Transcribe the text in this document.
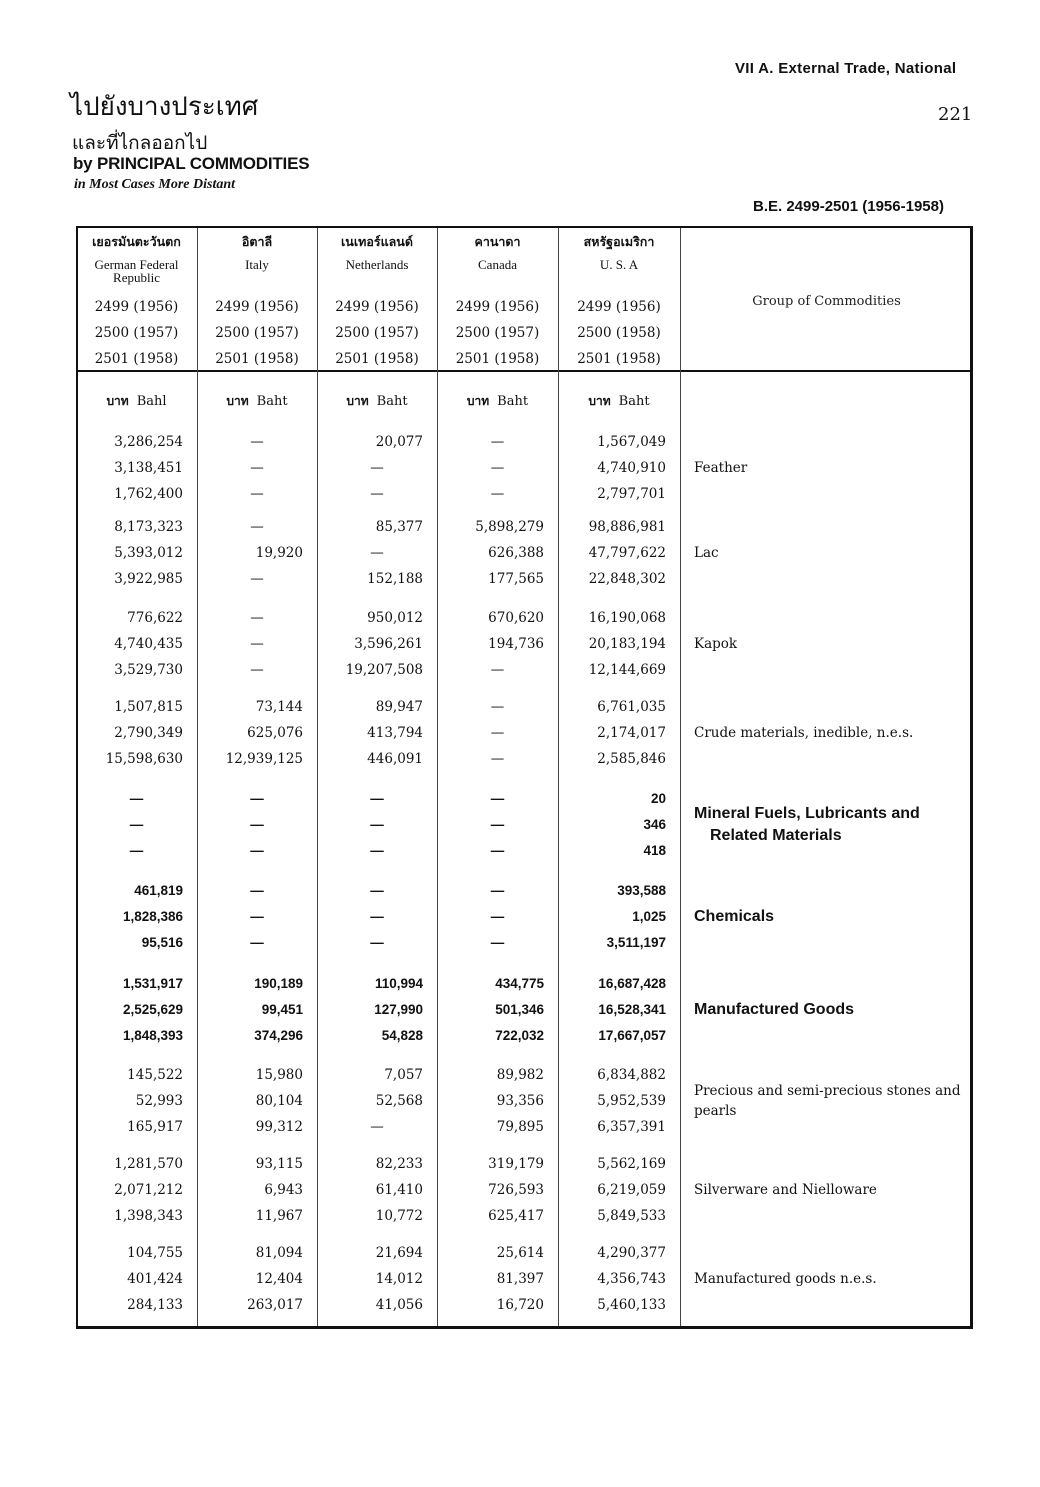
VII A. External Trade, National
221
ไปยังบางประเทศ
และที่ไกลออกไป
by PRINCIPAL COMMODITIES
in Most Cases More Distant
B.E. 2499-2501 (1956-1958)
เยอรมันตะวันตก
German Federal Republic
2499 (1956)
2500 (1957)
2501 (1958)
บาท Bahl
3,286,254
3,138,451
1,762,400
8,173,323
5,393,012
3,922,985
776,622
4,740,435
3,529,730
1,507,815
2,790,349
15,598,630
—
—
—
461,819
1,828,386
95,516
1,531,917
2,525,629
1,848,393
145,522
52,993
165,917
1,281,570
2,071,212
1,398,343
104,755
401,424
284,133
อิตาลี
Italy
2499 (1956)
2500 (1957)
2501 (1958)
บาท Baht
—
—
—
—
19,920
—
—
—
—
73,144
625,076
12,939,125
—
—
—
—
—
—
190,189
99,451
374,296
15,980
80,104
99,312
93,115
6,943
11,967
81,094
12,404
263,017
เนเทอร์แลนด์
Netherlands
2499 (1956)
2500 (1957)
2501 (1958)
บาท Baht
20,077
—
—
85,377
—
152,188
950,012
3,596,261
19,207,508
89,947
413,794
446,091
—
—
—
—
—
—
110,994
127,990
54,828
7,057
52,568
—
82,233
61,410
10,772
21,694
14,012
41,056
คานาดา
Canada
2499 (1956)
2500 (1957)
2501 (1958)
บาท Baht
—
—
—
5,898,279
626,388
177,565
670,620
194,736
—
—
—
—
—
—
—
—
—
—
434,775
501,346
722,032
89,982
93,356
79,895
319,179
726,593
625,417
25,614
81,397
16,720
สหรัฐอเมริกา
U. S. A
2499 (1956)
2500 (1958)
2501 (1958)
บาท Baht
1,567,049
4,740,910
2,797,701
98,886,981
47,797,622
22,848,302
16,190,068
20,183,194
12,144,669
6,761,035
2,174,017
2,585,846
20
346
418
393,588
1,025
3,511,197
16,687,428
16,528,341
17,667,057
6,834,882
5,952,539
6,357,391
5,562,169
6,219,059
5,849,533
4,290,377
4,356,743
5,460,133
Group of Commodities
Feather
Lac
Kapok
Crude materials, inedible, n.e.s.
Mineral Fuels, Lubricants and
Related Materials
Chemicals
Manufactured Goods
Precious and semi-precious stones and
pearls
Silverware and Nielloware
Manufactured goods n.e.s.
